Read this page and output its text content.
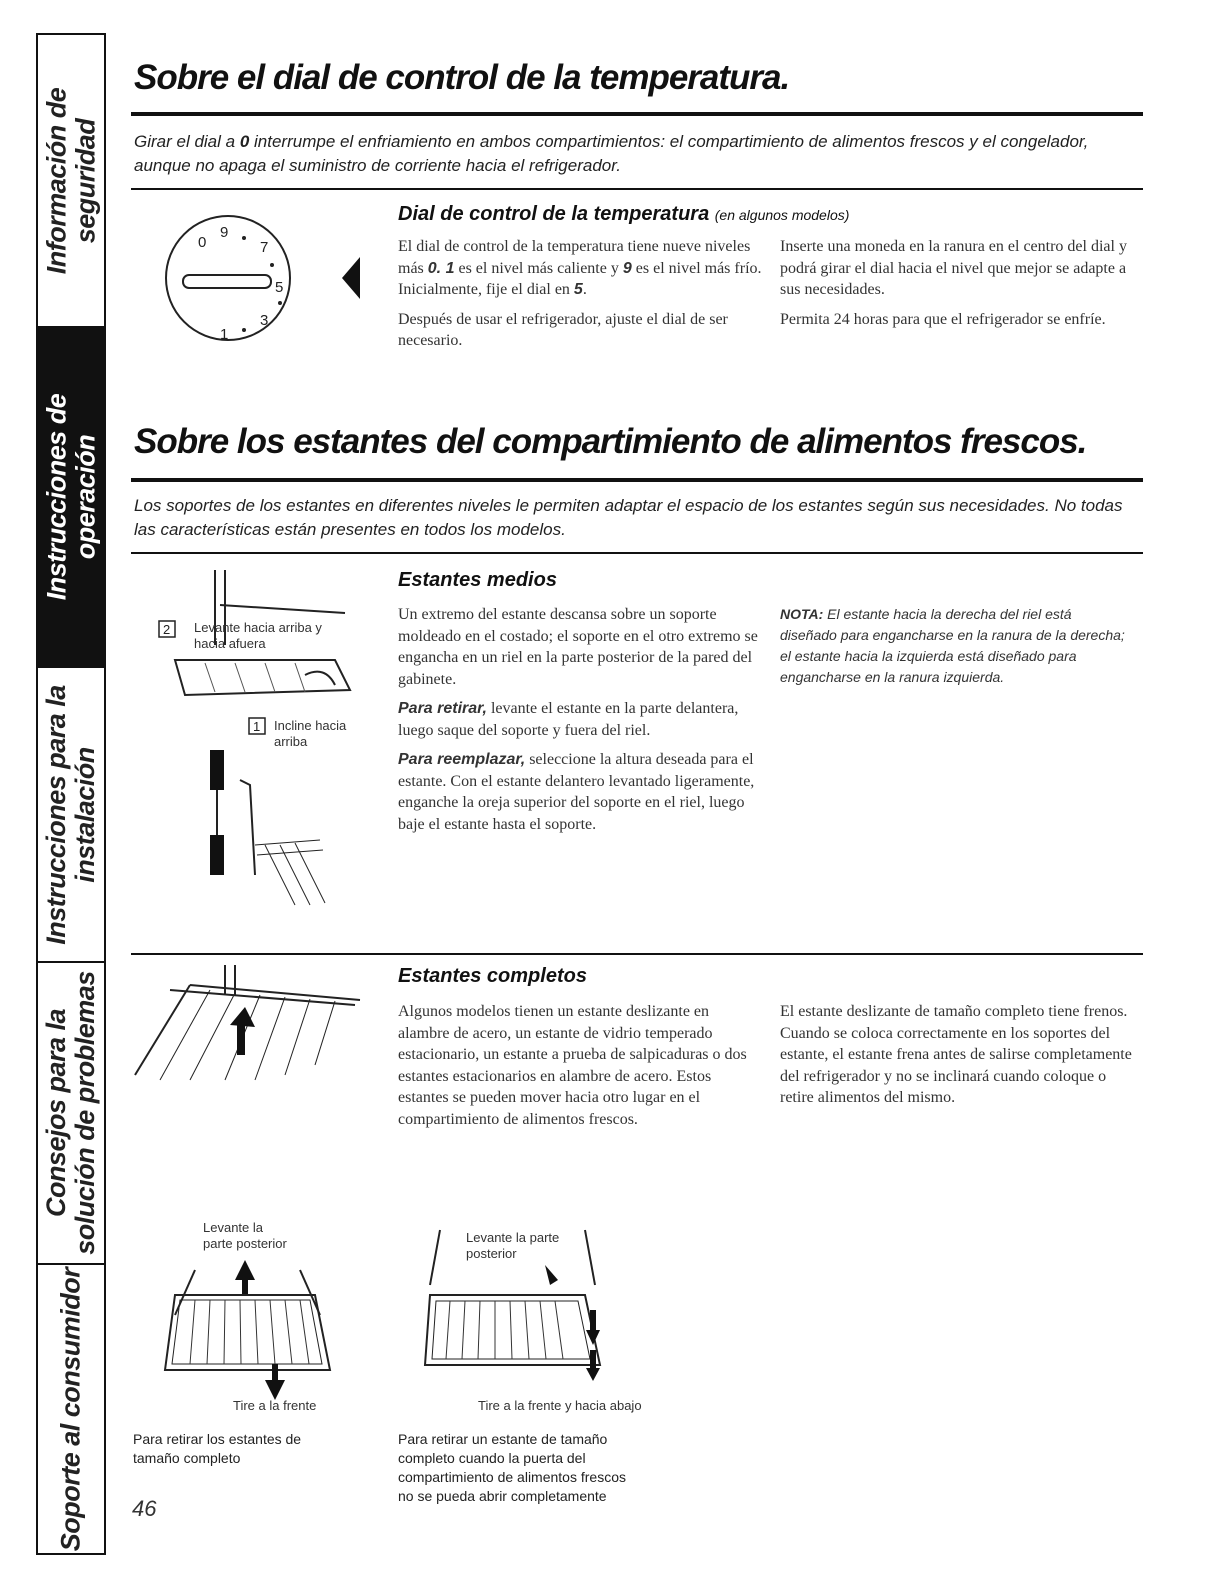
Información de seguridad
Instrucciones de operación
Instrucciones para la instalación
Consejos para la solución de problemas
Soporte al consumidor
Sobre el dial de control de la temperatura.
Girar el dial a 0 interrumpe el enfriamiento en ambos compartimientos: el compartimiento de alimentos frescos y el congelador, aunque no apaga el suministro de corriente hacia el refrigerador.
0
9
7
5
3
1
Dial de control de la temperatura (en algunos modelos)

El dial de control de la temperatura tiene nueve niveles más 0. 1 es el nivel más caliente y 9 es el nivel más frío. Inicialmente, fije el dial en 5.

Después de usar el refrigerador, ajuste el dial de ser necesario.

Inserte una moneda en la ranura en el centro del dial y podrá girar el dial hacia el nivel que mejor se adapte a sus necesidades.

Permita 24 horas para que el refrigerador se enfríe.

Sobre los estantes del compartimiento de alimentos frescos.
Los soportes de los estantes en diferentes niveles le permiten adaptar el espacio de los estantes según sus necesidades. No todas las características están presentes en todos los modelos.
2
1
Levante hacia arriba y hacia afuera
Incline hacia arriba
Estantes medios

Un extremo del estante descansa sobre un soporte moldeado en el costado; el soporte en el otro extremo se engancha en un riel en la parte posterior de la pared del gabinete.

Para retirar, levante el estante en la parte delantera, luego saque del soporte y fuera del riel.

Para reemplazar, seleccione la altura deseada para el estante. Con el estante delantero levantado ligeramente, enganche la oreja superior del soporte en el riel, luego baje el estante hasta el soporte.

NOTA: El estante hacia la derecha del riel está diseñado para engancharse en la ranura de la derecha; el estante hacia la izquierda está diseñado para engancharse en la ranura izquierda.
Estantes completos
Algunos modelos tienen un estante deslizante en alambre de acero, un estante de vidrio temperado estacionario, un estante a prueba de salpicaduras o dos estantes estacionarios en alambre de acero. Estos estantes se pueden mover hacia otro lugar en el compartimiento de alimentos frescos.
El estante deslizante de tamaño completo tiene frenos. Cuando se coloca correctamente en los soportes del estante, el estante frena antes de salirse completamente del refrigerador y no se inclinará cuando coloque o retire alimentos del mismo.
Levante la parte posterior
Tire a la frente
Para retirar los estantes de tamaño completo
Levante la parte posterior
Tire a la frente y hacia abajo
Para retirar un estante de tamaño completo cuando la puerta del compartimiento de alimentos frescos no se pueda abrir completamente
46
